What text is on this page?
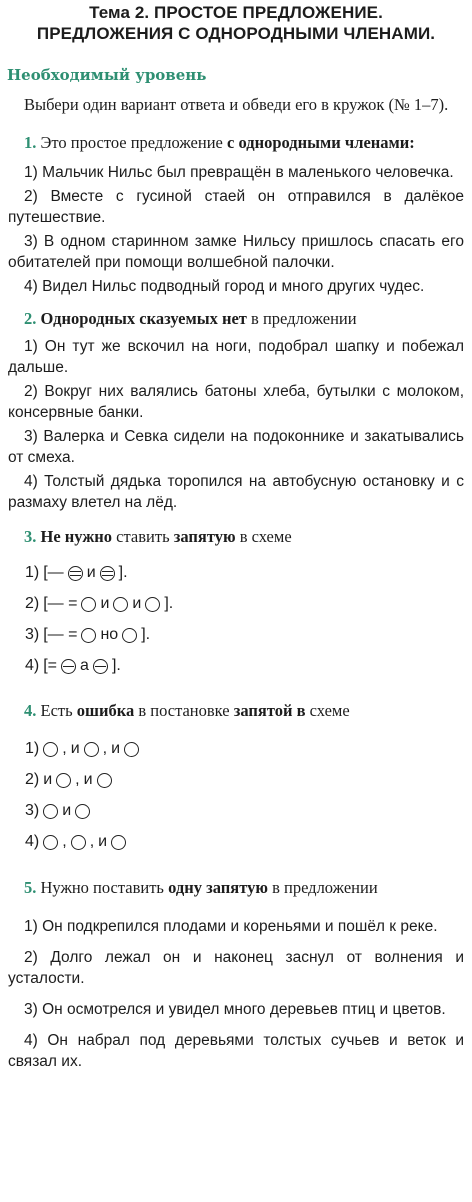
Тема 2. ПРОСТОЕ ПРЕДЛОЖЕНИЕ.
ПРЕДЛОЖЕНИЯ С ОДНОРОДНЫМИ ЧЛЕНАМИ.
Необходимый уровень
Выбери один вариант ответа и обведи его в кружок (№ 1–7).
1. Это простое предложение с однородными членами:
1) Мальчик Нильс был превращён в маленького человечка.
2) Вместе с гусиной стаей он отправился в далёкое путешествие.
3) В одном старинном замке Нильсу пришлось спасать его обитателей при помощи волшебной палочки.
4) Видел Нильс подводный город и много других чудес.
2. Однородных сказуемых нет в предложении
1) Он тут же вскочил на ноги, подобрал шапку и побежал дальше.
2) Вокруг них валялись батоны хлеба, бутылки с молоком, консервные банки.
3) Валерка и Севка сидели на подоконнике и закатывались от смеха.
4) Толстый дядька торопился на автобусную остановку и с размаху влетел на лёд.
3. Не нужно ставить запятую в схеме
1) [— и ].
2) [— = и и ].
3) [— = но ].
4) [= а ].
4. Есть ошибка в постановке запятой в схеме
1) , и , и
2) и , и
3) и
4) , , и
5. Нужно поставить одну запятую в предложении
1) Он подкрепился плодами и кореньями и пошёл к реке.
2) Долго лежал он и наконец заснул от волнения и усталости.
3) Он осмотрелся и увидел много деревьев птиц и цветов.
4) Он набрал под деревьями толстых сучьев и веток и связал их.
